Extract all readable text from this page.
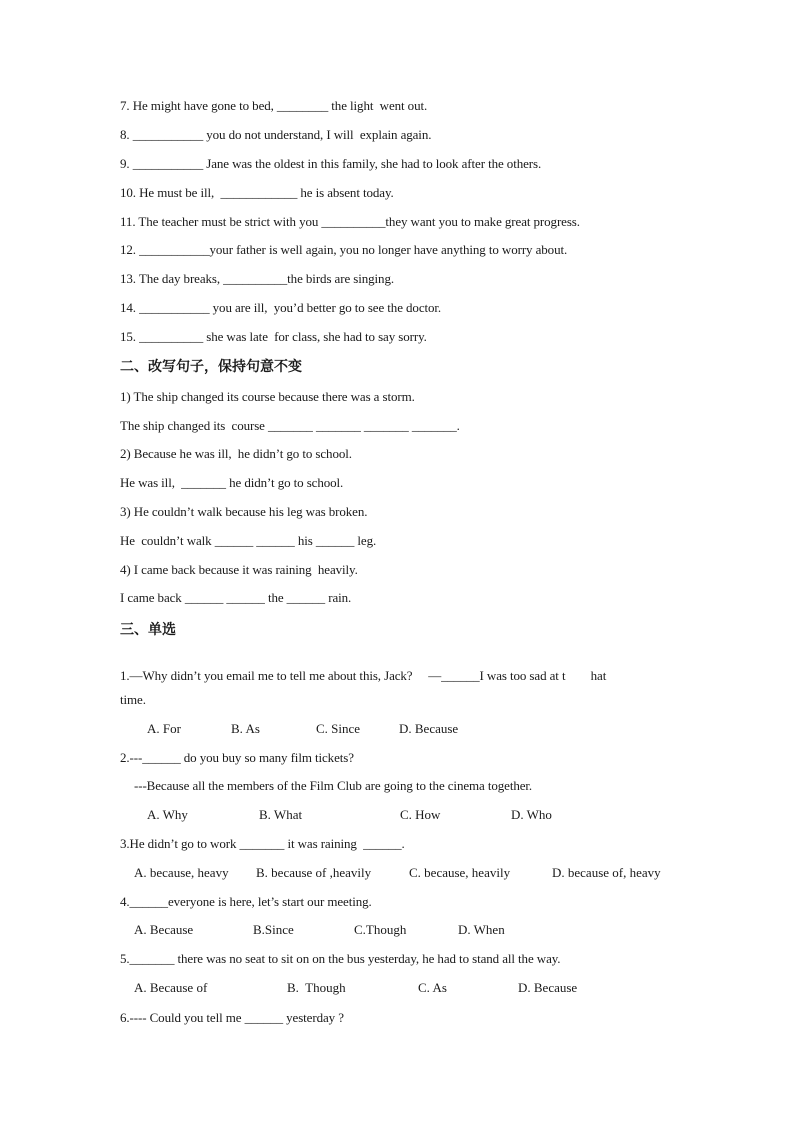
7. He might have gone to bed, ________ the light  went out.
8. ___________ you do not understand, I will  explain again.
9. ___________ Jane was the oldest in this family, she had to look after the others.
10. He must be ill,  ____________ he is absent today.
11. The teacher must be strict with you __________they want you to make great progress.
12. ___________your father is well again, you no longer have anything to worry about.
13. The day breaks, __________the birds are singing.
14. ___________ you are ill,  you’d better go to see the doctor.
15. __________ she was late  for class, she had to say sorry.
二、改写句子，保持句意不变
1) The ship changed its course because there was a storm.
The ship changed its  course _______ _______ _______ _______.
2) Because he was ill,  he didn’t go to school.
He was ill,  _______ he didn’t go to school.
3) He couldn’t walk because his leg was broken.
He  couldn’t walk ______ ______ his ______ leg.
4) I came back because it was raining  heavily.
I came back ______ ______ the ______ rain.
三、单选
1.—Why didn’t you email me to tell me about this, Jack?     —______I was too sad at t        hat
time.
A. For	B. As	C. Since	D. Because
2.---______ do you buy so many film tickets?
---Because all the members of the Film Club are going to the cinema together.
A. Why	B. What	C. How	D. Who
3.He didn’t go to work _______ it was raining  ______.
A. because, heavy B. because of ,heavily	C. because, heavily	D. because of, heavy
4.______everyone is here, let’s start our meeting.
A. Because	B.Since	C.Though	D. When
5._______ there was no seat to sit on on the bus yesterday, he had to stand all the way.
A. Because of	B.  Though	C. As	D. Because
6.---- Could you tell me ______ yesterday ?
